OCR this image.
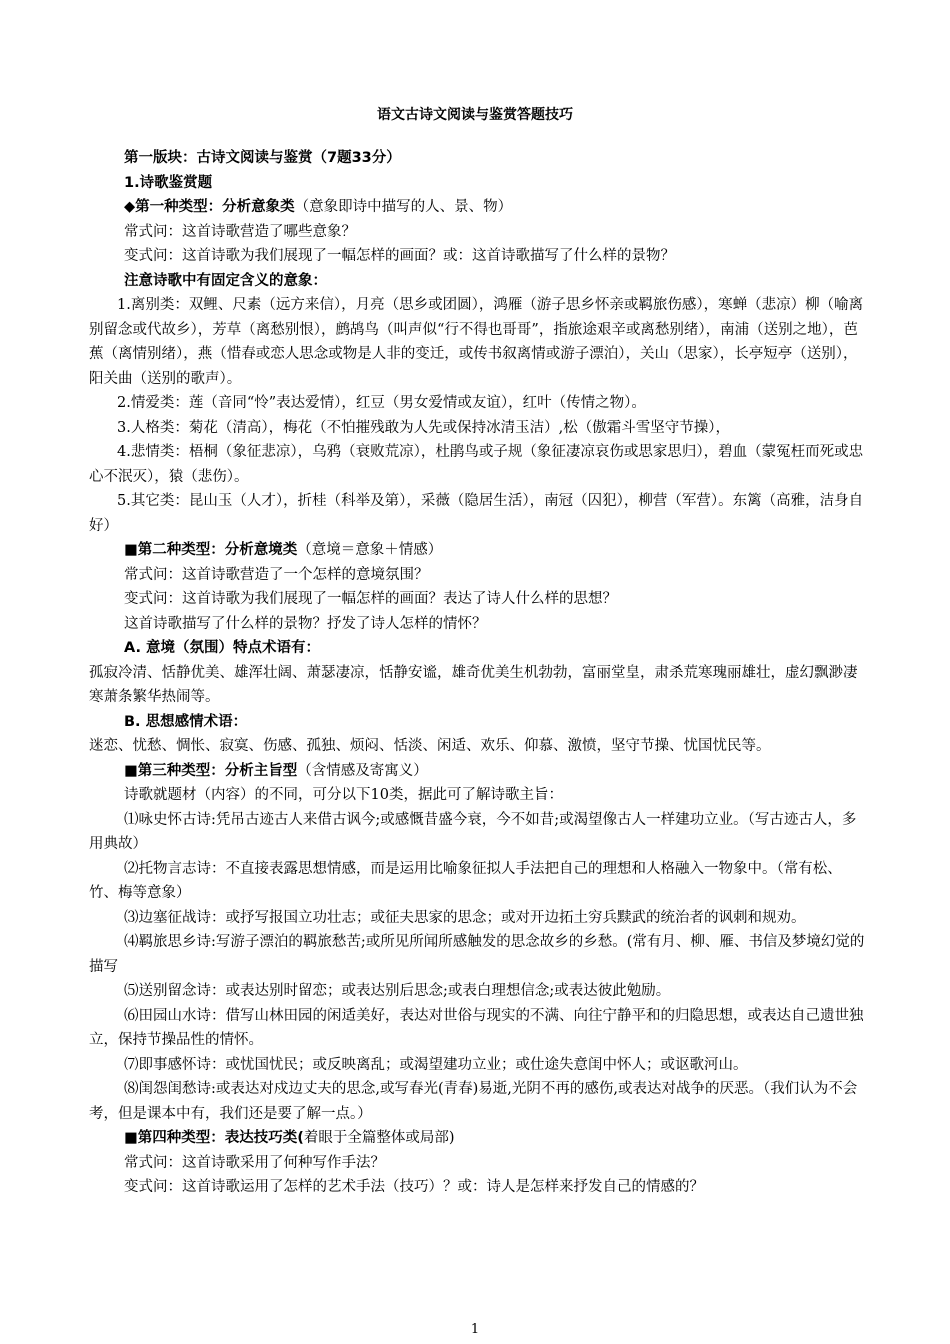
语文古诗文阅读与鉴赏答题技巧

第一版块：古诗文阅读与鉴赏（7题33分）

1.诗歌鉴赏题

◆第一种类型：分析意象类（意象即诗中描写的人、景、物）

常式问：这首诗歌营造了哪些意象？

变式问：这首诗歌为我们展现了一幅怎样的画面？或：这首诗歌描写了什么样的景物？

注意诗歌中有固定含义的意象：

1.离别类：双鲤、尺素（远方来信），月亮（思乡或团圆），鸿雁（游子思乡怀亲或羁旅伤感），寒蝉（悲凉）柳（喻离别留念或代故乡），芳草（离愁别恨），鹧鸪鸟（叫声似“行不得也哥哥”，指旅途艰辛或离愁别绪），南浦（送别之地），芭蕉（离情别绪），燕（惜春或恋人思念或物是人非的变迁，或传书叙离情或游子漂泊），关山（思家），长亭短亭（送别），阳关曲（送别的歌声）。

2.情爱类：莲（音同“怜”表达爱情），红豆（男女爱情或友谊），红叶（传情之物）。

3.人格类：菊花（清高），梅花（不怕摧残敢为人先或保持冰清玉洁）,松（傲霜斗雪坚守节操），

4.悲情类：梧桐（象征悲凉），乌鸦（衰败荒凉），杜鹃鸟或子规（象征凄凉哀伤或思家思归），碧血（蒙冤枉而死或忠心不泯灭），猿（悲伤）。

5.其它类：昆山玉（人才），折桂（科举及第），采薇（隐居生活），南冠（囚犯），柳营（军营）。东篱（高雅，洁身自好）

■第二种类型：分析意境类（意境＝意象＋情感）

常式问：这首诗歌营造了一个怎样的意境氛围？

变式问：这首诗歌为我们展现了一幅怎样的画面？表达了诗人什么样的思想？

这首诗歌描写了什么样的景物？抒发了诗人怎样的情怀？

A. 意境（氛围）特点术语有：

孤寂冷清、恬静优美、雄浑壮阔、萧瑟凄凉，恬静安谧，雄奇优美生机勃勃，富丽堂皇，肃杀荒寒瑰丽雄壮，虚幻飘渺凄寒萧条繁华热闹等。

B. 思想感情术语：

迷恋、忧愁、惆怅、寂寞、伤感、孤独、烦闷、恬淡、闲适、欢乐、仰慕、激愤，坚守节操、忧国忧民等。

■第三种类型：分析主旨型（含情感及寄寓义）

诗歌就题材（内容）的不同，可分以下10类，据此可了解诗歌主旨：

⑴咏史怀古诗:凭吊古迹古人来借古讽今;或感慨昔盛今衰，今不如昔;或渴望像古人一样建功立业。（写古迹古人，多用典故）

⑵托物言志诗：不直接表露思想情感，而是运用比喻象征拟人手法把自己的理想和人格融入一物象中。（常有松、竹、梅等意象）

⑶边塞征战诗：或抒写报国立功壮志；或征夫思家的思念；或对开边拓土穷兵黩武的统治者的讽刺和规劝。

⑷羁旅思乡诗:写游子漂泊的羁旅愁苦;或所见所闻所感触发的思念故乡的乡愁。(常有月、柳、雁、书信及梦境幻觉的描写

⑸送别留念诗：或表达别时留恋；或表达别后思念;或表白理想信念;或表达彼此勉励。

⑹田园山水诗：借写山林田园的闲适美好，表达对世俗与现实的不满、向往宁静平和的归隐思想，或表达自己遗世独立，保持节操品性的情怀。

⑺即事感怀诗：或忧国忧民；或反映离乱；或渴望建功立业；或仕途失意闺中怀人；或讴歌河山。

⑻闺怨闺愁诗:或表达对戍边丈夫的思念,或写春光(青春)易逝,光阴不再的感伤,或表达对战争的厌恶。（我们认为不会考，但是课本中有，我们还是要了解一点。）

■第四种类型：表达技巧类(着眼于全篇整体或局部)

常式问：这首诗歌采用了何种写作手法？

变式问：这首诗歌运用了怎样的艺术手法（技巧）？或：诗人是怎样来抒发自己的情感的？

1
